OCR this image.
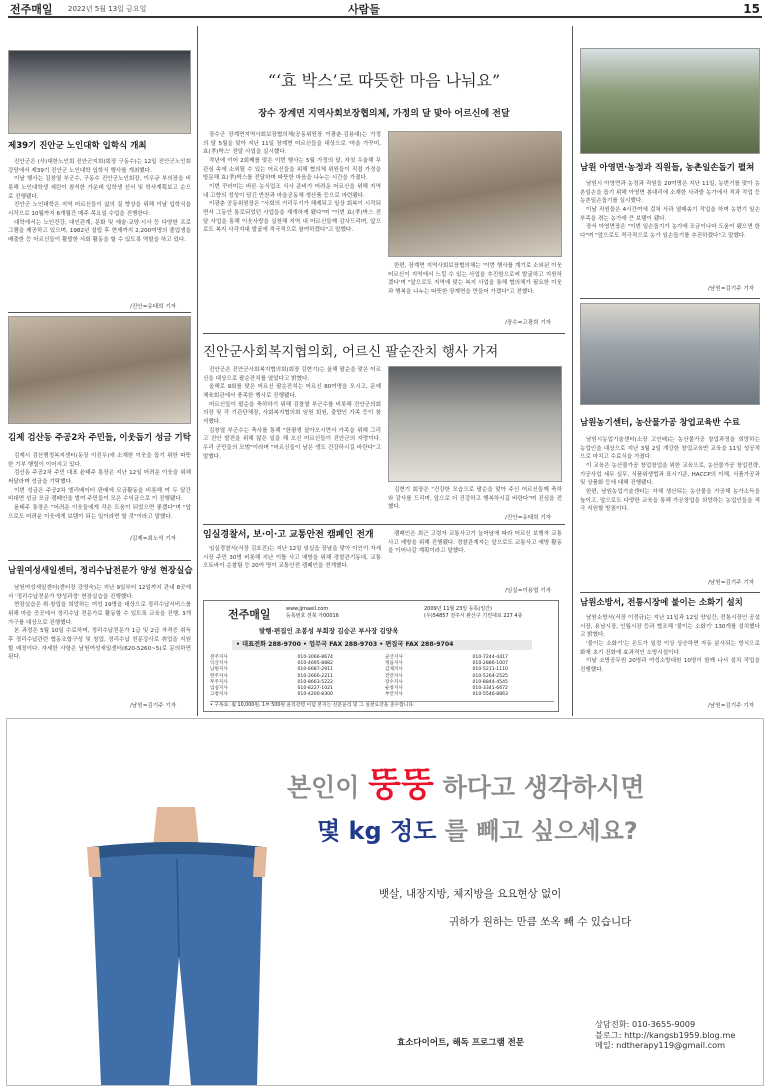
전주매일 2022년 5월 13일 금요일	사람들	15
제39기 진안군 노인대학 입학식 개최

진안군은 (사)대한노인회 진안군지회(회장 구동수)는 12일 진안군노인회 강당에서 제39기 진안군 노인대학 입학식 행사를 개최했다.

이날 행사는 김창열 부군수, 구동수 진안군노인회장, 이우규 부의장을 비롯해 노인대학생 세린이 참석한 가운데 입학생 선서 및 학사계획보고 순으로 진행됐다.

진안군 노인대학은 지역 어르신들이 삶의 질 향상을 위해 이날 입학식을 시작으로 10월까지 6개월간 매주 목요일 수업을 진행한다.

대학에서는 노인건강, 대인관계, 문화 및 예술·교양·시사 등 다양한 프로그램을 제공하고 있으며, 1982년 설립 후 현재까지 2,200여명의 졸업생을 배출한 등 어르신들이 활발한 사회 활동을 할 수 있도록 역할을 하고 있다.

/진안=유태희 기자
김제 검산동 주공2차 주민들, 이웃돕기 성금 기탁

김제시 검산행정복지센터(동장 이진우)에 소재한 이웃을 돕기 위한 따뜻한 기부 행렬이 이어지고 있다.

검산동 주공2차 주민 대표 윤태주 통장은 지난 12일 어려운 이웃을 위해 써달라며 성금을 기탁했다.

이번 성금은 주공2차 엘리베이터 판매에 모금활동을 비롯해 여 두 달간 비대면 성금 모금 캠페인을 벌여 주민들이 모은 수익금으로 이 진행됐다.

윤태주 통장은 "어려운 이웃들에게 작은 도움이 되었으면 좋겠다"며 "앞으로도 어려운 이웃에게 보탬이 되는 일이라면 할 것"이라고 말했다.

/김제=최노석 기자
남원여성새일센터, 정리수납전문가 양성 현장실습

남원여성새일센터(센터장 강영숙)는 지난 9일부터 12일까지 관내 8곳에서 '정리수납전문가 양성과정' 현장실습을 진행했다.

현장실습은 취·창업을 희망하는 여성 19명을 대상으로 정리수납서비스를 위해 마을 곳곳에서 정리수납 전문가로 활동할 수 있도록 교육을 진행, 3개 가구를 대상으로 진행했다.

본 과정은 5월 10일 수료하며, 정리수납전문가 1급 및 2급 자격증 취득 후 정리수납관련 협동조합구성 및 창업, 정리수납 전문강사로 취업을 지원할 예정이다. 자세한 사항은 남원여성새일센터(620-5260~5)로 문의하면 된다.

/남원=김기주 기자
“‘효 박스’로 따뜻한 마음 나눠요”
장수 장계면 지역사회보장협의체, 가정의 달 맞아 어르신에 전달

장수군 장계면지역사회보장협의체(공동위원장 이광춘·김용대)는 가정의 달 5월을 맞아 지난 11일 장계면 어르신들을 대상으로 '마을 가꾸미, 효(孝)박스' 전달 사업을 실시했다.

작년에 이어 2회째를 맞은 이번 행사는 5월 가정의 달, 자칫 우울해 무관심 속에 소외될 수 있는 어르신들을 위해 협의체 위원들이 직접 가정을 방문해 효(孝)박스를 전달하며 따뜻한 마음을 나누는 시간을 가졌다.

이번 꾸러미는 바른 농식업조 식사 준비가 어려운 어르신을 위해 지역 내 고향의 정성이 담긴 반찬과 마을공동체 생산품 등으로 마련됐다.

이광춘 공동위원장은 "사회의 거리두기가 해제되고 일상 회복이 시작되면서 그동안 통로되었던 사업들을 재개하게 됐다"며 "이번 효(孝)박스 전달 사업을 통해 이웃사랑을 실천해 지역 내 어르신들께 감사드리며, 앞으로도 복지 사각지대 발굴에 적극적으로 참여하겠다"고 말했다.

한편, 장계면 지역사회보장협의체는 '이번 행사를 계기로 소외된 이웃 어르신이 지역에서 느낄 수 있는 사업을 추진함으로써 발굴하고 지원하겠다'며 "앞으로도 지역에 맞는 복지 사업을 통해 협의체가 필요한 이웃과 행복을 나누는 따뜻한 장계면을 만들어 가겠다"고 전했다.

/장수=고광희 기자
진안군사회복지협의회, 어르신 팔순잔치 행사 가져

진안군은 진안군사회복지협의회(회장 김현기)는 올해 팔순을 맞은 어르신을 대상으로 팔순잔치를 열었다고 밝혔다.

올해로 9회를 맞은 어르신 팔순잔치는 어르신 80여명을 모시고, 문예체육회관에서 풍족한 행사로 진행됐다.

어르신들이 팔순을 축하하기 위해 김창열 부군수를 비롯해 진안군의회 의장 및 각 기관단체장, 사회복지협의회 임원 회원, 출향인 가족 등이 참석했다.

김창열 부군수는 축사를 통해 "한평생 살아오시면서 가족을 위해 그리고 진안 발전을 위해 많은 일을 해 오신 어르신들이 진안군의 자랑이다. 우리 군민들의 모범"이라며 "어르신들이 남은 생도 건강하시길 바란다"고 말했다.

김현기 회장은 "건강한 모습으로 팔순을 맞아 주신 어르신들께 축하와 감사를 드리며, 앞으로 더 건강하고 행복하시길 바란다"며 진심을 전했다.

/진안=유태희 기자
임실경찰서, 보·이·고 교통안전 캠페인 전개

임실경찰서(서장 김호진)는 지난 12일 임실읍 장날을 맞아 이인이 자세시장 주민 30명 비롯해 지난 이틀 사고 예방을 위해 경찰관기동대, 교통 오토바이 순찰팀 등 20여 명이 교통안전 캠페인을 전개했다.

캠페인은 최근 고령자 교통사고가 늘어남에 따라 어르신 보행자 교통사고 예방을 위해 진행됐다. 경찰관계자는 앞으로도 교통사고 예방 활동을 이어나갈 계획이라고 말했다.

/임실=이용엽 기자
전주매일	www.jjmaeil.com
등록번호 전북 가00016
2009년 11월 23일 등록(일간)
(우)54857 전주시 완산구 기린대로 227 4층
발행·편집인 조봉성 부회장 김승곤 부사장 김양욱
• 대표전화 288-9700 • 업무국 FAX 288-9703 • 편집국 FAX 288-9704
전주지사	010-3066-8674	군산지사	010-7244-4417
익산지사	010-4695-8882	정읍지사	010-2886-1007
남원지사	010-6687-2911	김제지사	010-5211-1110
완주지사	010-2666-2211	진안지사	010-5264-2525
무주지사	010-8663-5222	장수지사	010-8844-4545
임실지사	010-8227-1021	순창지사	010-3341-6672
고창지사	010-4200-8300	부안지사	010-5546-8863
• 구독료: 월 10,000원, 1부 500원 윤리강령 이념 본지는 신문윤리 및 그 실천요강을 준수합니다.
남원 아영면·농정과 직원들, 농촌일손돕기 펼쳐

남원시 아영면과 농정과 직원들 20여명은 지난 11일, 농번기를 맞아 농촌일손을 돕기 위해 아영면 봉대리에 소재한 사과밭 농가에서 적과 작업 등 농촌일손돕기를 실시했다.

이날 직원들은 4시간여에 걸쳐 사과 열매솎기 작업을 하며 농번기 일손 부족을 겪는 농가에 큰 보탬이 됐다.

장서 아영면장은 "이번 일손돕기가 농가에 조금이나마 도움이 됐으면 한다"며 "앞으로도 적극적으로 농가 일손돕기를 추진하겠다"고 말했다.

/남원=김기주 기자
남원농기센터, 농산물가공 창업교육반 수료

남원시농업기술센터(소장 고인배)는 농산물가공 창업과정을 희망하는 농업인을 대상으로 지난 3월 2일 개강한 창업교육반 교육을 11일 성공적으로 마치고 수료식을 가졌다.

이 교육은 농산물가공 창업창업을 위한 교육으로, 농산물가공 창업전략, 가공사업 세무 실무, 식품위생법과 표시기준, HACCP의 이해, 식품가공과 및 상품화 등에 대해 진행됐다.

한편, 남원농업기술센터는 자체 생산되는 농산물을 가공해 농가소득을 높이고, 앞으로도 다양한 교육을 통해 가공창업을 희망하는 농업인들을 적극 지원할 방침이다.

/남원=김기주 기자
남원소방서, 전통시장에 불이는 소화기 설치

남원소방서(서장 이정규)는 지난 11일과 12일 양일간, 전통시장인 공설시장, 용남시장, 인월시장 등과 협조해 '불이는 소화기' 130개를 설치했다고 밝혔다.

'불이는 소화기'는 온도가 일정 이상 상승하면 자동 분사되는 방식으로 화재 초기 진화에 효과적인 소방시설이다.

이날 소방공무원 20명과 여성소방대원 10명이 함께 나서 설치 작업을 진행했다.

/남원=김기주 기자
본인이 뚱뚱 하다고 생각하시면
몇 kg 정도 를 빼고 싶으세요?
뱃살, 내장지방, 체지방을 요요현상 없이
귀하가 원하는 만큼 쏘옥 빼 수 있습니다
효소다이어트, 해독 프로그램 전문
상담전화: 010-3655-9009
블로그: http://kangsb1959.blog.me
메일: ndtherapy119@gmail.com
